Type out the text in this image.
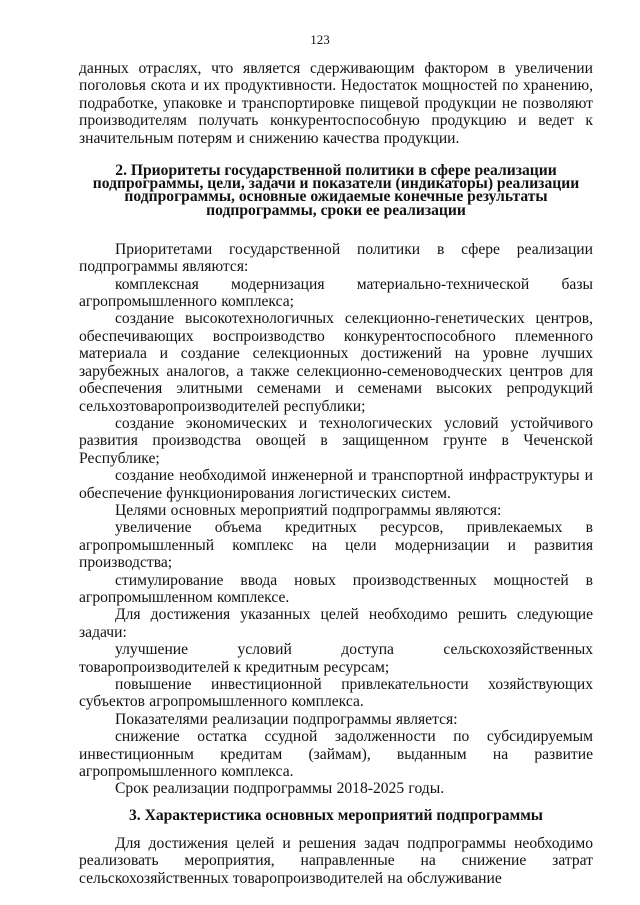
123

данных отраслях, что является сдерживающим фактором в увеличении поголовья скота и их продуктивности. Недостаток мощностей по хранению, подработке, упаковке и транспортировке пищевой продукции не позволяют производителям получать конкурентоспособную продукцию и ведет к значительным потерям и снижению качества продукции.

2. Приоритеты государственной политики в сфере реализации подпрограммы, цели, задачи и показатели (индикаторы) реализации подпрограммы, основные ожидаемые конечные результаты подпрограммы, сроки ее реализации

Приоритетами государственной политики в сфере реализации подпрограммы являются:

комплексная модернизация материально-технической базы агропромышленного комплекса;

создание высокотехнологичных селекционно-генетических центров, обеспечивающих воспроизводство конкурентоспособного племенного материала и создание селекционных достижений на уровне лучших зарубежных аналогов, а также селекционно-семеноводческих центров для обеспечения элитными семенами и семенами высоких репродукций сельхозтоваропроизводителей республики;

создание экономических и технологических условий устойчивого развития производства овощей в защищенном грунте в Чеченской Республике;

создание необходимой инженерной и транспортной инфраструктуры и обеспечение функционирования логистических систем.

Целями основных мероприятий подпрограммы являются:

увеличение объема кредитных ресурсов, привлекаемых в агропромышленный комплекс на цели модернизации и развития производства;

стимулирование ввода новых производственных мощностей в агропромышленном комплексе.

Для достижения указанных целей необходимо решить следующие задачи:

улучшение условий доступа сельскохозяйственных товаропроизводителей к кредитным ресурсам;

повышение инвестиционной привлекательности хозяйствующих субъектов агропромышленного комплекса.

Показателями реализации подпрограммы является:

снижение остатка ссудной задолженности по субсидируемым инвестиционным кредитам (займам), выданным на развитие агропромышленного комплекса.

Срок реализации подпрограммы 2018-2025 годы.

3. Характеристика основных мероприятий подпрограммы

Для достижения целей и решения задач подпрограммы необходимо реализовать мероприятия, направленные на снижение затрат сельскохозяйственных товаропроизводителей на обслуживание
